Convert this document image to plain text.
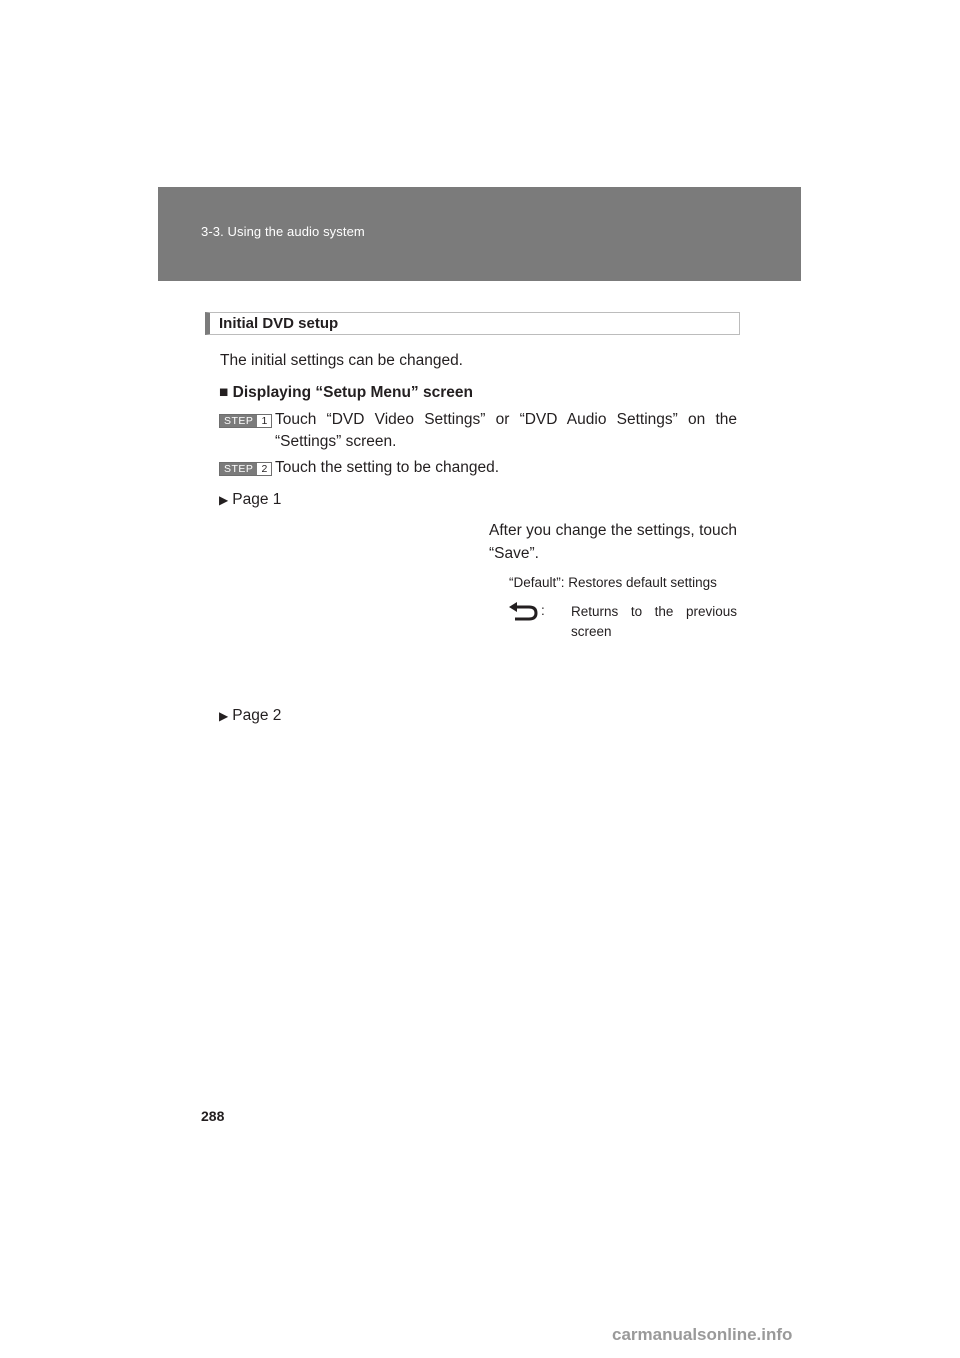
3-3. Using the audio system
Initial DVD setup
The initial settings can be changed.
■ Displaying “Setup Menu” screen
STEP 1 Touch “DVD Video Settings” or “DVD Audio Settings” on the “Settings” screen.
STEP 2 Touch the setting to be changed.
▶ Page 1
After you change the settings, touch “Save”.
“Default”: Restores default settings
: Returns to the previous screen
▶ Page 2
288
carmanualsonline.info
